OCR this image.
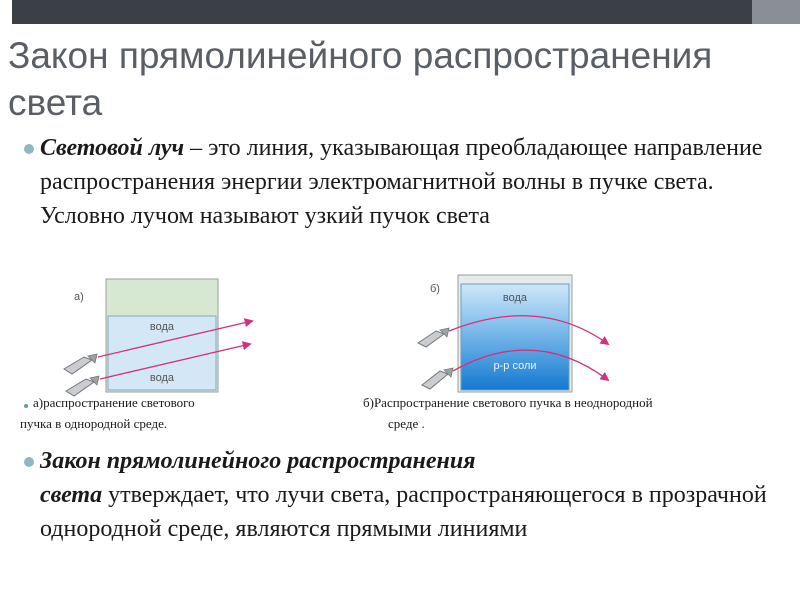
Закон прямолинейного распространения света

Световой луч – это линия, указывающая преобладающее направление распространения энергии электромагнитной волны в пучке света. Условно лучом называют узкий пучок света

а)
вода
вода
б)
вода
р-р соли

а)распространение светового

пучка в однородной среде.

б)Распространение светового пучка в неоднородной

среде .

Закон прямолинейного распространения
света утверждает, что лучи света, распространяющегося в прозрачной однородной среде, являются прямыми линиями
